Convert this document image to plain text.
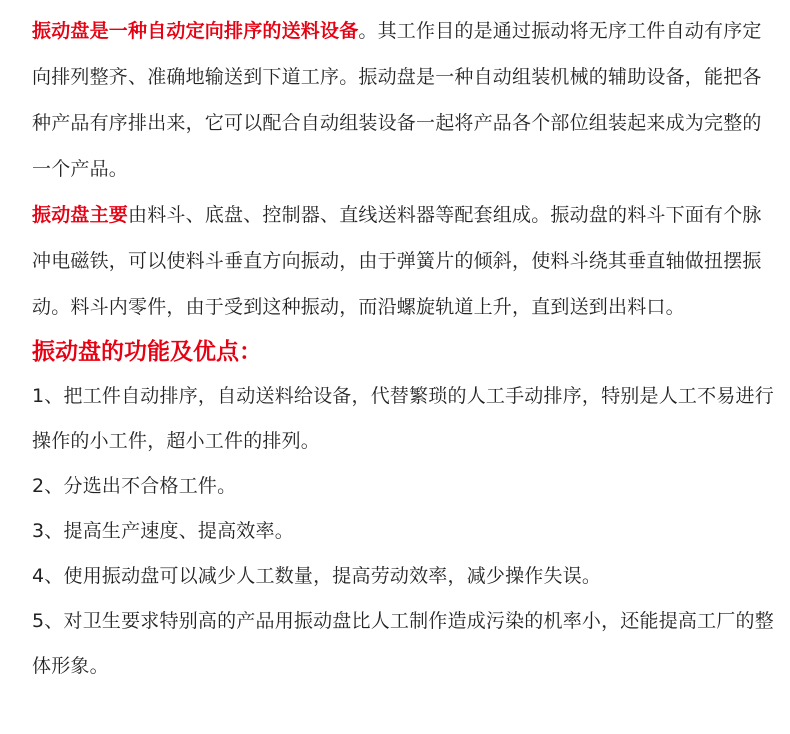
振动盘是一种自动定向排序的送料设备。其工作目的是通过振动将无序工件自动有序定向排列整齐、准确地输送到下道工序。振动盘是一种自动组装机械的辅助设备，能把各种产品有序排出来，它可以配合自动组装设备一起将产品各个部位组装起来成为完整的一个产品。

振动盘主要由料斗、底盘、控制器、直线送料器等配套组成。振动盘的料斗下面有个脉冲电磁铁，可以使料斗垂直方向振动，由于弹簧片的倾斜，使料斗绕其垂直轴做扭摆振动。料斗内零件，由于受到这种振动，而沿螺旋轨道上升，直到送到出料口。

振动盘的功能及优点：

1、把工件自动排序，自动送料给设备，代替繁琐的人工手动排序，特别是人工不易进行操作的小工件，超小工件的排列。

2、分选出不合格工件。

3、提高生产速度、提高效率。

4、使用振动盘可以减少人工数量，提高劳动效率，减少操作失误。

5、对卫生要求特别高的产品用振动盘比人工制作造成污染的机率小，还能提高工厂的整体形象。
